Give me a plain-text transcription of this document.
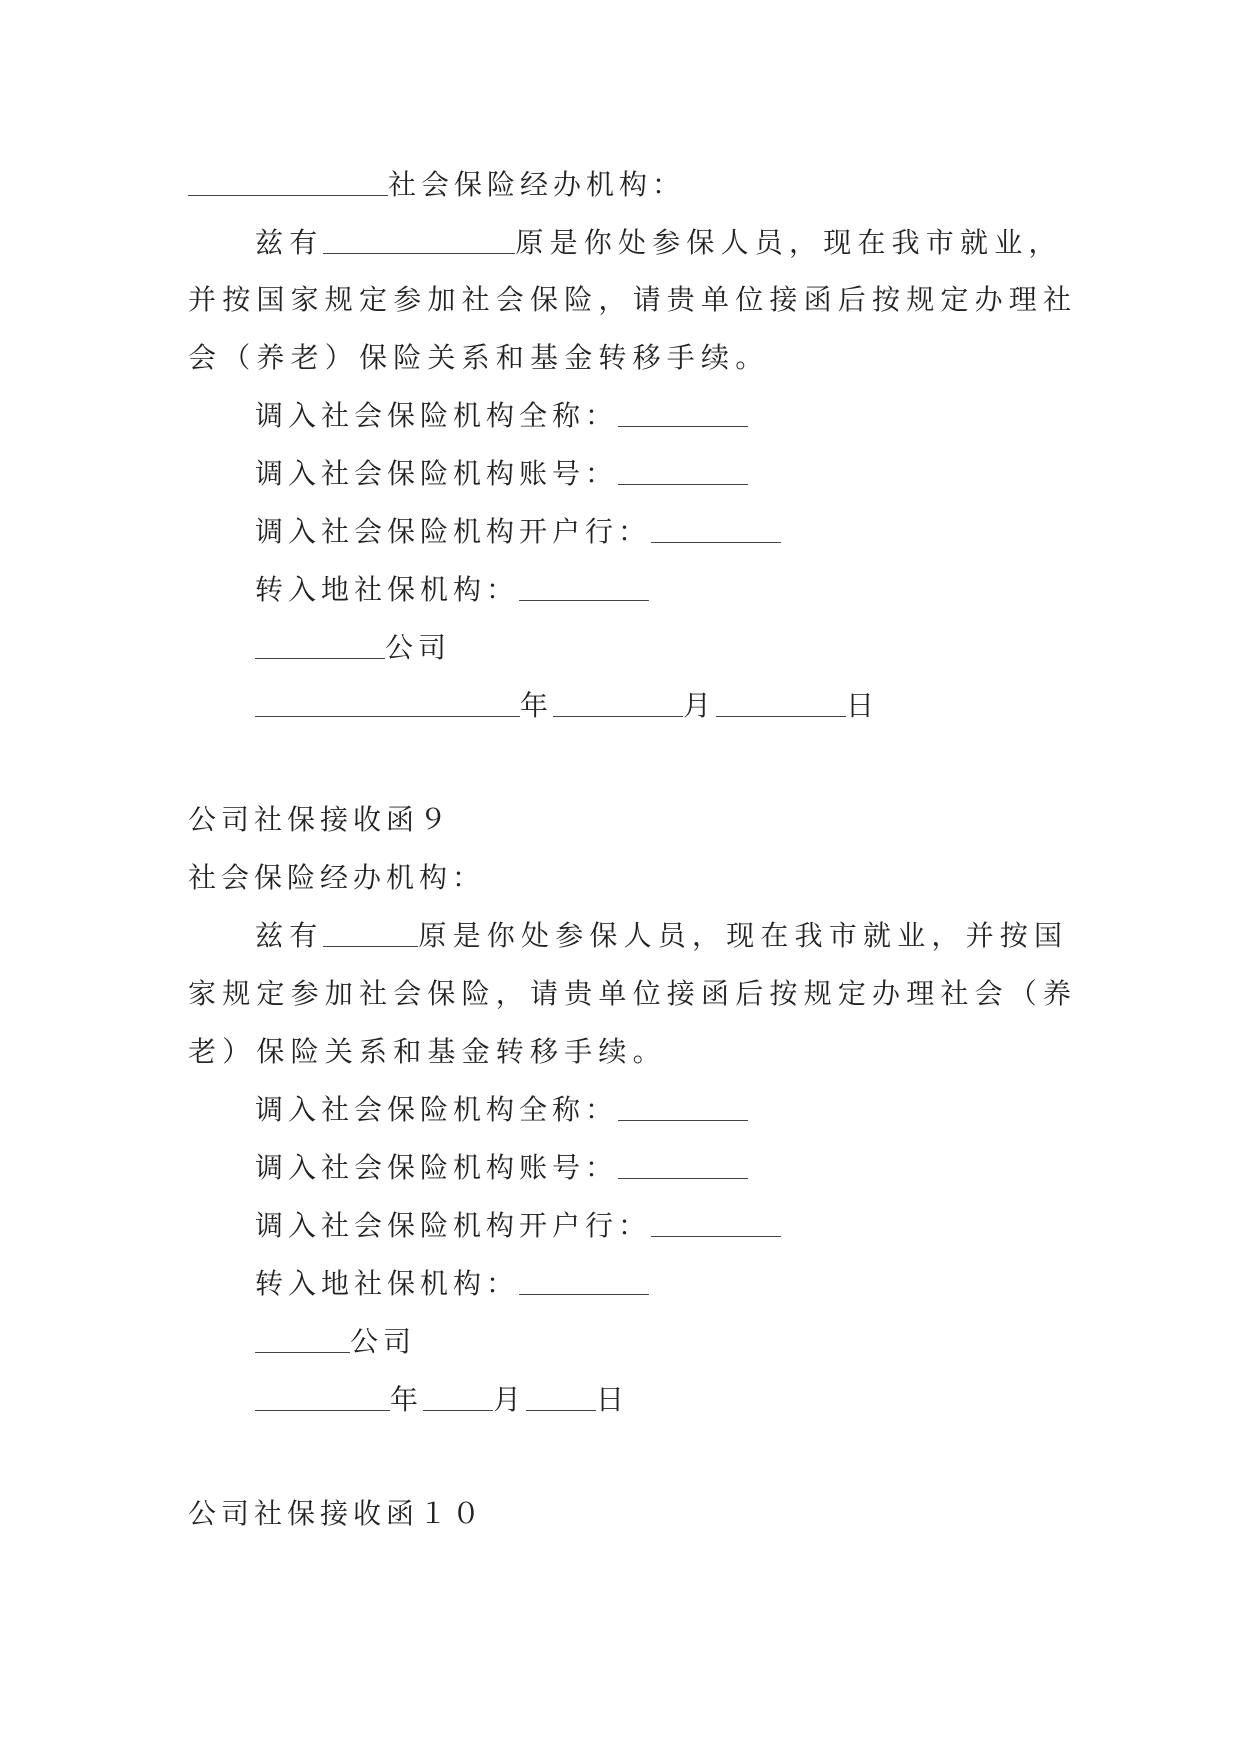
社会保险经办机构：
兹有	原是你处参保人员，现在我市就业，
并按国家规定参加社会保险，请贵单位接函后按规定办理社
会（养老）保险关系和基金转移手续。
调入社会保险机构全称：
调入社会保险机构账号：
调入社会保险机构开户行：
转入地社保机构：
公司
年	月	日
公司社保接收函９
社会保险经办机构：
兹有	原是你处参保人员，现在我市就业，并按国
家规定参加社会保险，请贵单位接函后按规定办理社会（养
老）保险关系和基金转移手续。
调入社会保险机构全称：
调入社会保险机构账号：
调入社会保险机构开户行：
转入地社保机构：
公司
年	月	日
公司社保接收函１０
